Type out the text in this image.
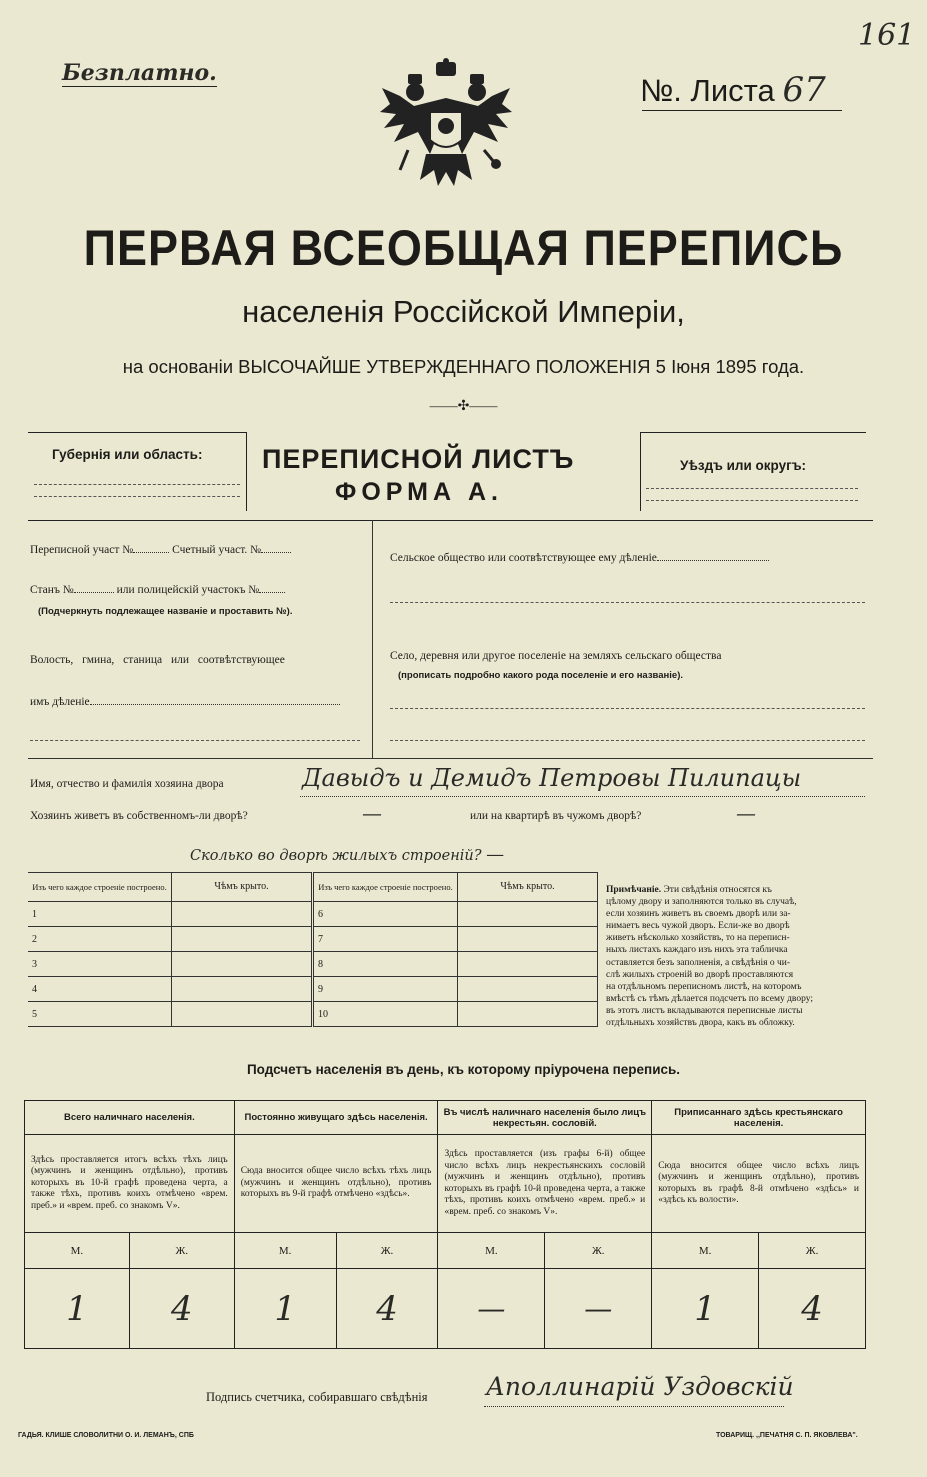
161
Безплатно.	№. Листа 67
ПЕРВАЯ ВСЕОБЩАЯ ПЕРЕПИСЬ
населенія Россійской Имперіи,
на основаніи ВЫСОЧАЙШЕ УТВЕРЖДЕННАГО ПОЛОЖЕНІЯ 5 Іюня 1895 года.
——✣——
Губернія или область: ПЕРЕПИСНОЙ ЛИСТЪ
ФОРМА А.
Уѣздъ или округъ:
Переписной участ №	Счетный участ. №
Станъ №	или полицейскій участокъ №
(Подчеркнуть подлежащее названіе и проставить №).
Волость, гмина, станица или соотвѣтствующее
имъ дѣленіе
Сельское общество или соотвѣтствующее ему дѣленіе
Село, деревня или другое поселеніе на земляхъ сельскаго общества
(прописать подробно какого рода поселеніе и его названіе).
Имя, отчество и фамилія хозяина двора	Давыдъ и Демидъ Петровы Пилипацы
Хозяинъ живетъ въ собственномъ-ли дворѣ?	—	или на квартирѣ въ чужомъ дворѣ?	—
Сколько во дворѣ жилыхъ строеній? —
Изъ чего каждое строеніе построено.	Чѣмъ крыто.	Изъ чего каждое строеніе построено.	Чѣмъ крыто.
1		6	
2		7	
3		8	
4		9	
5		10	
Примѣчаніе. Эти свѣдѣнія относятся къ
цѣлому двору и заполняются только въ случаѣ,
если хозяинъ живетъ въ своемъ дворѣ или за-
нимаетъ весь чужой дворъ. Если-же во дворѣ
живетъ нѣсколько хозяйствъ, то на переписн-
ныхъ листахъ каждаго изъ нихъ эта табличка
оставляется безъ заполненія, а свѣдѣнія о чи-
слѣ жилыхъ строеній во дворѣ проставляются
на отдѣльномъ переписномъ листѣ, на которомъ
вмѣстѣ съ тѣмъ дѣлается подсчетъ по всему двору;
въ этотъ листъ вкладываются переписные листы
отдѣльныхъ хозяйствъ двора, какъ въ обложку.
Подсчетъ населенія въ день, къ которому пріурочена перепись.
Всего наличнаго населенія.		Постоянно живущаго здѣсь населенія.		Въ числѣ наличнаго населенія было лицъ некрестьян. сословій.		Приписаннаго здѣсь крестьянскаго населенія.	
Здѣсь проставляется итогъ всѣхъ тѣхъ лицъ (мужчинъ и женщинъ отдѣльно), противъ которыхъ въ 10-й графѣ проведена черта, а также тѣхъ, противъ коихъ отмѣчено «врем. преб.» и «врем. преб. со знакомъ V».		Сюда вносится общее число всѣхъ тѣхъ лицъ (мужчинъ и женщинъ отдѣльно), противъ которыхъ въ 9-й графѣ отмѣчено «здѣсь».		Здѣсь проставляется (изъ графы 6-й) общее число всѣхъ лицъ некрестьянскихъ сословій (мужчинъ и женщинъ отдѣльно), противъ которыхъ въ графѣ 10-й проведена черта, а также тѣхъ, противъ коихъ отмѣчено «врем. преб.» и «врем. преб. со знакомъ V».		Сюда вносится общее число всѣхъ лицъ (мужчинъ и женщинъ отдѣльно), противъ которыхъ въ графѣ 8-й отмѣчено «здѣсь» и «здѣсь къ волости».	
М.	Ж.	М.	Ж.	М.	Ж.	М.	Ж.
1	4	1	4	—	—	1	4
Подпись счетчика, собиравшаго свѣдѣнія Аполлинарій Уздовскій
ГАДЬЯ. КЛИШЕ СЛОВОЛИТНИ О. И. ЛЕМАНЪ, СПБ	ТОВАРИЩ. ,,ПЕЧАТНЯ С. П. ЯКОВЛЕВА".
